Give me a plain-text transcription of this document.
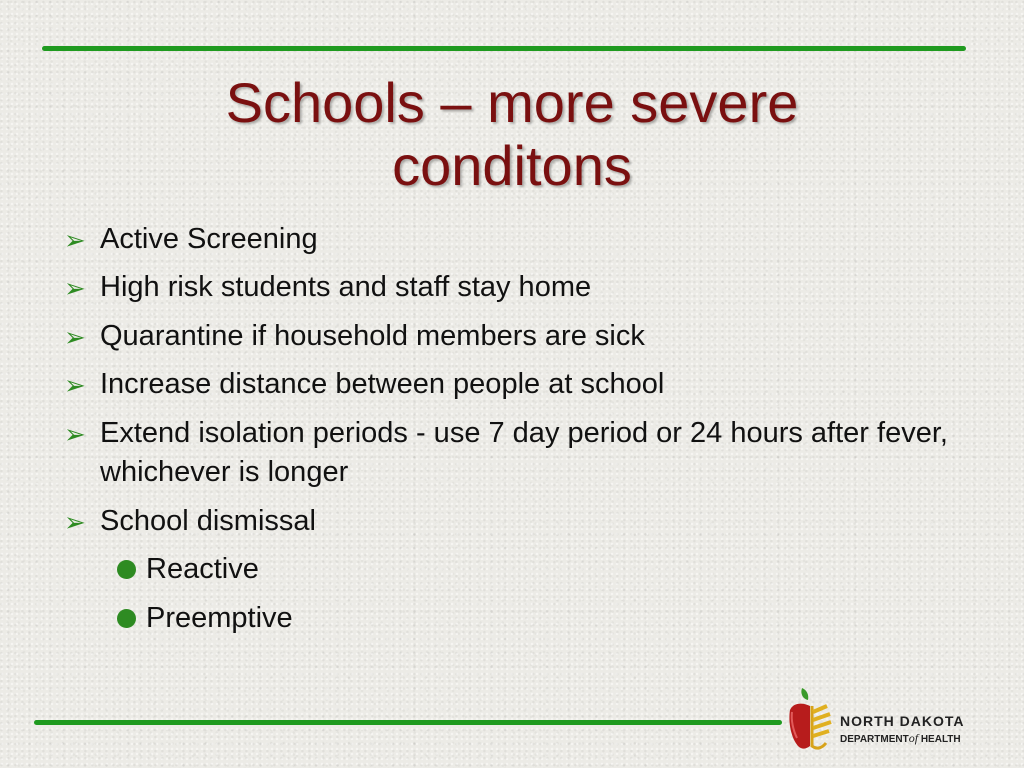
Schools – more severe
conditons
➢ Active Screening
➢ High risk students and staff stay home
➢ Quarantine if household members are sick
➢ Increase distance between people at school
➢ Extend isolation periods - use 7 day period or 24 hours after fever, whichever is longer
➢ School dismissal
Reactive
Preemptive
NORTH DAKOTA
DEPARTMENTof HEALTH
